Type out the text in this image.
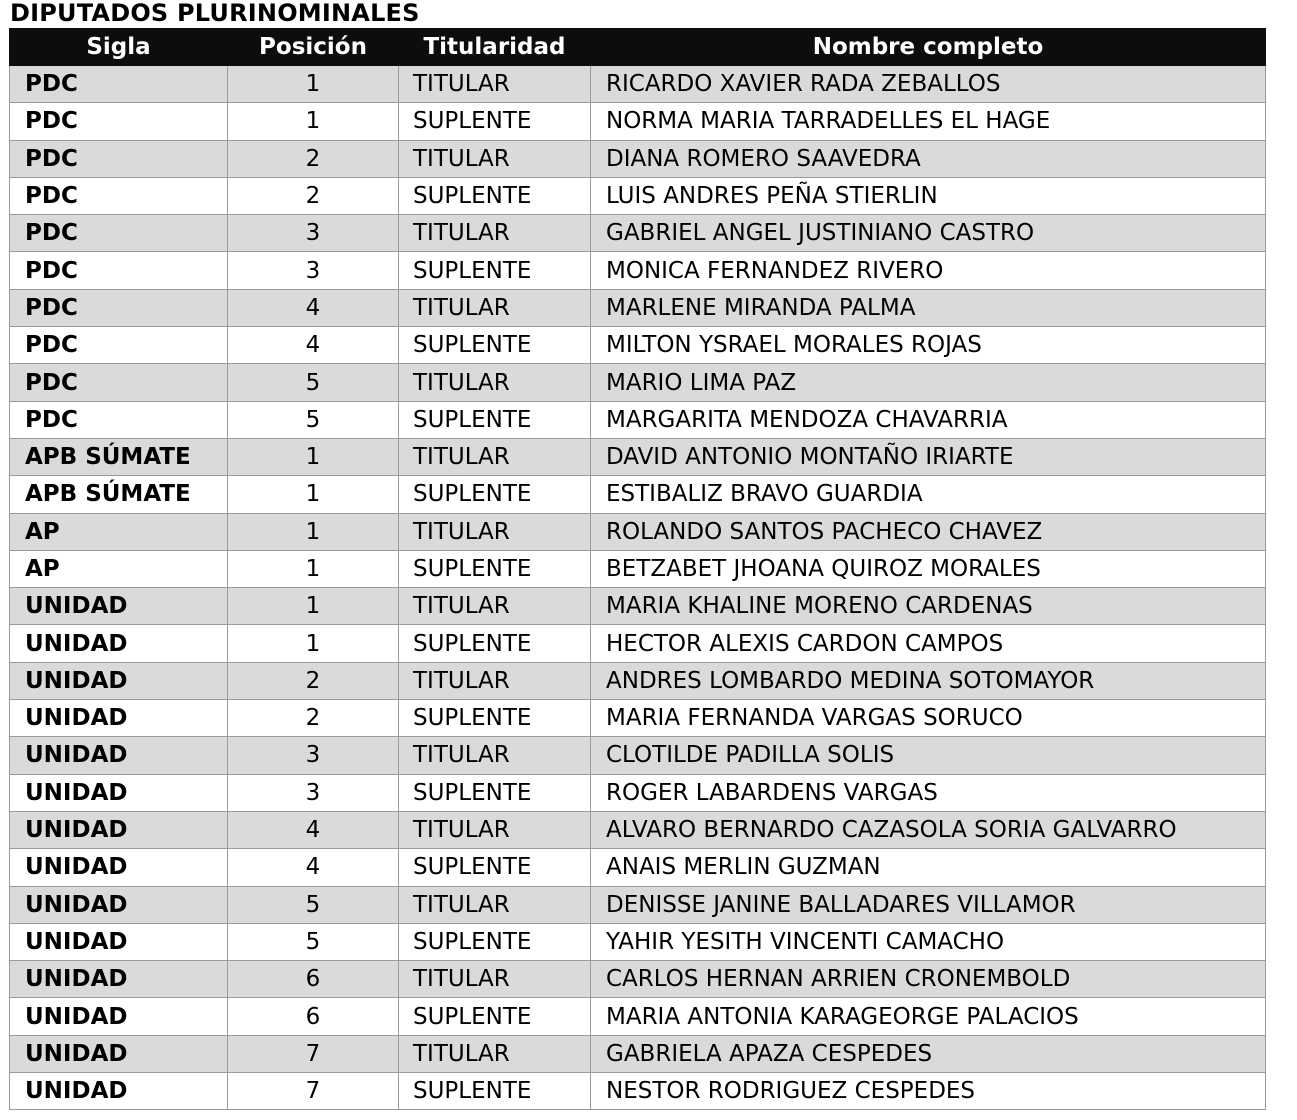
DIPUTADOS PLURINOMINALES
Sigla	Posición	Titularidad	Nombre completo
PDC	1	TITULAR	RICARDO XAVIER RADA ZEBALLOS
PDC	1	SUPLENTE	NORMA MARIA TARRADELLES EL HAGE
PDC	2	TITULAR	DIANA ROMERO SAAVEDRA
PDC	2	SUPLENTE	LUIS ANDRES PEÑA STIERLIN
PDC	3	TITULAR	GABRIEL ANGEL JUSTINIANO CASTRO
PDC	3	SUPLENTE	MONICA FERNANDEZ RIVERO
PDC	4	TITULAR	MARLENE MIRANDA PALMA
PDC	4	SUPLENTE	MILTON YSRAEL MORALES ROJAS
PDC	5	TITULAR	MARIO LIMA PAZ
PDC	5	SUPLENTE	MARGARITA MENDOZA CHAVARRIA
APB SÚMATE	1	TITULAR	DAVID ANTONIO MONTAÑO IRIARTE
APB SÚMATE	1	SUPLENTE	ESTIBALIZ BRAVO GUARDIA
AP	1	TITULAR	ROLANDO SANTOS PACHECO CHAVEZ
AP	1	SUPLENTE	BETZABET JHOANA QUIROZ MORALES
UNIDAD	1	TITULAR	MARIA KHALINE MORENO CARDENAS
UNIDAD	1	SUPLENTE	HECTOR ALEXIS CARDON CAMPOS
UNIDAD	2	TITULAR	ANDRES LOMBARDO MEDINA SOTOMAYOR
UNIDAD	2	SUPLENTE	MARIA FERNANDA VARGAS SORUCO
UNIDAD	3	TITULAR	CLOTILDE PADILLA SOLIS
UNIDAD	3	SUPLENTE	ROGER LABARDENS VARGAS
UNIDAD	4	TITULAR	ALVARO BERNARDO CAZASOLA SORIA GALVARRO
UNIDAD	4	SUPLENTE	ANAIS MERLIN GUZMAN
UNIDAD	5	TITULAR	DENISSE JANINE BALLADARES VILLAMOR
UNIDAD	5	SUPLENTE	YAHIR YESITH VINCENTI CAMACHO
UNIDAD	6	TITULAR	CARLOS HERNAN ARRIEN CRONEMBOLD
UNIDAD	6	SUPLENTE	MARIA ANTONIA KARAGEORGE PALACIOS
UNIDAD	7	TITULAR	GABRIELA APAZA CESPEDES
UNIDAD	7	SUPLENTE	NESTOR RODRIGUEZ CESPEDES
